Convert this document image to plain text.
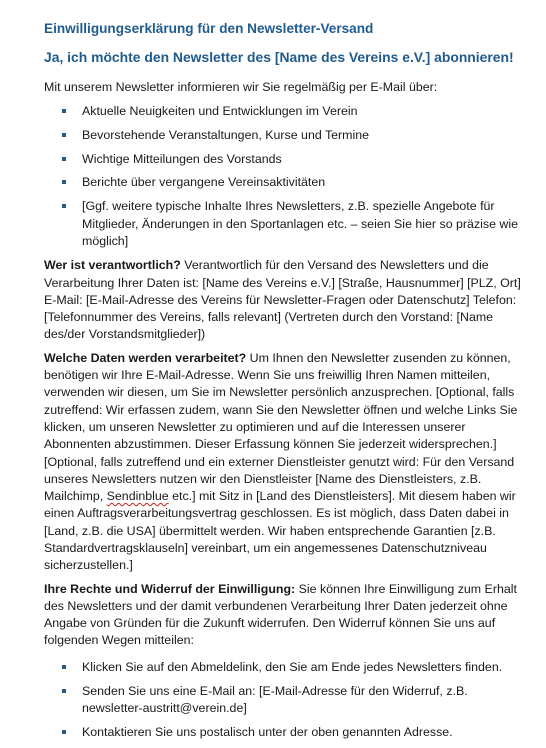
Einwilligungserklärung für den Newsletter-Versand
Ja, ich möchte den Newsletter des [Name des Vereins e.V.] abonnieren!

Mit unserem Newsletter informieren wir Sie regelmäßig per E-Mail über:

Aktuelle Neuigkeiten und Entwicklungen im Verein
Bevorstehende Veranstaltungen, Kurse und Termine
Wichtige Mitteilungen des Vorstands
Berichte über vergangene Vereinsaktivitäten
[Ggf. weitere typische Inhalte Ihres Newsletters, z.B. spezielle Angebote für Mitglieder, Änderungen in den Sportanlagen etc. – seien Sie hier so präzise wie möglich]

Wer ist verantwortlich? Verantwortlich für den Versand des Newsletters und die Verarbeitung Ihrer Daten ist: [Name des Vereins e.V.] [Straße, Hausnummer] [PLZ, Ort] E-Mail: [E-Mail-Adresse des Vereins für Newsletter-Fragen oder Datenschutz] Telefon: [Telefonnummer des Vereins, falls relevant] (Vertreten durch den Vorstand: [Name des/der Vorstandsmitglieder])

Welche Daten werden verarbeitet? Um Ihnen den Newsletter zusenden zu können, benötigen wir Ihre E-Mail-Adresse. Wenn Sie uns freiwillig Ihren Namen mitteilen, verwenden wir diesen, um Sie im Newsletter persönlich anzusprechen. [Optional, falls zutreffend: Wir erfassen zudem, wann Sie den Newsletter öffnen und welche Links Sie klicken, um unseren Newsletter zu optimieren und auf die Interessen unserer Abonnenten abzustimmen. Dieser Erfassung können Sie jederzeit widersprechen.] [Optional, falls zutreffend und ein externer Dienstleister genutzt wird: Für den Versand unseres Newsletters nutzen wir den Dienstleister [Name des Dienstleisters, z.B. Mailchimp, Sendinblue etc.] mit Sitz in [Land des Dienstleisters]. Mit diesem haben wir einen Auftragsverarbeitungsvertrag geschlossen. Es ist möglich, dass Daten dabei in [Land, z.B. die USA] übermittelt werden. Wir haben entsprechende Garantien [z.B. Standardvertragsklauseln] vereinbart, um ein angemessenes Datenschutzniveau sicherzustellen.]

Ihre Rechte und Widerruf der Einwilligung: Sie können Ihre Einwilligung zum Erhalt des Newsletters und der damit verbundenen Verarbeitung Ihrer Daten jederzeit ohne Angabe von Gründen für die Zukunft widerrufen. Den Widerruf können Sie uns auf folgenden Wegen mitteilen:

Klicken Sie auf den Abmeldelink, den Sie am Ende jedes Newsletters finden.
Senden Sie uns eine E-Mail an: [E-Mail-Adresse für den Widerruf, z.B. newsletter-austritt@verein.de]
Kontaktieren Sie uns postalisch unter der oben genannten Adresse.
